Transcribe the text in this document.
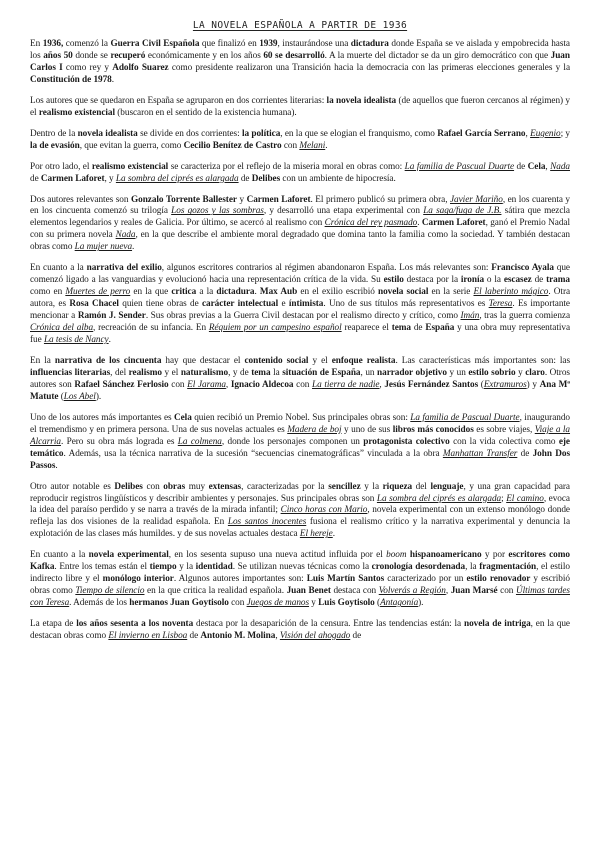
LA NOVELA ESPAÑOLA A PARTIR DE 1936

En 1936, comenzó la Guerra Civil Española que finalizó en 1939, instaurándose una dictadura donde España se ve aislada y empobrecida hasta los años 50 donde se recuperó económicamente y en los años 60 se desarrolló. A la muerte del dictador se da un giro democrático con que Juan Carlos I como rey y Adolfo Suarez como presidente realizaron una Transición hacia la democracia con las primeras elecciones generales y la Constitución de 1978.

Los autores que se quedaron en España se agruparon en dos corrientes literarias: la novela idealista (de aquellos que fueron cercanos al régimen) y el realismo existencial (buscaron en el sentido de la existencia humana).

Dentro de la novela idealista se divide en dos corrientes: la política, en la que se elogian el franquismo, como Rafael García Serrano, Eugenio; y la de evasión, que evitan la guerra, como Cecilio Benítez de Castro con Melani.

Por otro lado, el realismo existencial se caracteriza por el reflejo de la miseria moral en obras como: La familia de Pascual Duarte de Cela, Nada de Carmen Laforet, y La sombra del ciprés es alargada de Delibes con un ambiente de hipocresía.

Dos autores relevantes son Gonzalo Torrente Ballester y Carmen Laforet. El primero publicó su primera obra, Javier Mariño, en los cuarenta y en los cincuenta comenzó su trilogía Los gozos y las sombras, y desarrolló una etapa experimental con La saga/fuga de J.B. sátira que mezcla elementos legendarios y reales de Galicia. Por último, se acercó al realismo con Crónica del rey pasmado. Carmen Laforet, ganó el Premio Nadal con su primera novela Nada, en la que describe el ambiente moral degradado que domina tanto la familia como la sociedad. Y también destacan obras como La mujer nueva.

En cuanto a la narrativa del exilio, algunos escritores contrarios al régimen abandonaron España. Los más relevantes son: Francisco Ayala que comenzó ligado a las vanguardias y evolucionó hacia una representación crítica de la vida. Su estilo destaca por la ironía o la escasez de trama como en Muertes de perro en la que critica a la dictadura. Max Aub en el exilio escribió novela social en la serie El laberinto mágico. Otra autora, es Rosa Chacel quien tiene obras de carácter intelectual e íntimista. Uno de sus títulos más representativos es Teresa. Es importante mencionar a Ramón J. Sender. Sus obras previas a la Guerra Civil destacan por el realismo directo y crítico, como Imán, tras la guerra comienza Crónica del alba, recreación de su infancia. En Réquiem por un campesino español reaparece el tema de España y una obra muy representativa fue La tesis de Nancy.

En la narrativa de los cincuenta hay que destacar el contenido social y el enfoque realista. Las características más importantes son: las influencias literarias, del realismo y el naturalismo, y de tema la situación de España, un narrador objetivo y un estilo sobrio y claro. Otros autores son Rafael Sánchez Ferlosio con El Jarama, Ignacio Aldecoa con La tierra de nadie, Jesús Fernández Santos (Extramuros) y Ana Mª Matute (Los Abel).

Uno de los autores más importantes es Cela quien recibió un Premio Nobel. Sus principales obras son: La familia de Pascual Duarte, inaugurando el tremendismo y en primera persona. Una de sus novelas actuales es Madera de boj y uno de sus libros más conocidos es sobre viajes, Viaje a la Alcarria. Pero su obra más lograda es La colmena, donde los personajes componen un protagonista colectivo con la vida colectiva como eje temático. Además, usa la técnica narrativa de la sucesión “secuencias cinematográficas” vinculada a la obra Manhattan Transfer de John Dos Passos.

Otro autor notable es Delibes con obras muy extensas, caracterizadas por la sencillez y la riqueza del lenguaje, y una gran capacidad para reproducir registros lingüísticos y describir ambientes y personajes. Sus principales obras son La sombra del ciprés es alargada; El camino, evoca la idea del paraíso perdido y se narra a través de la mirada infantil; Cinco horas con Mario, novela experimental con un extenso monólogo donde refleja las dos visiones de la realidad española. En Los santos inocentes fusiona el realismo crítico y la narrativa experimental y denuncia la explotación de las clases más humildes. y de sus novelas actuales destaca El hereje.

En cuanto a la novela experimental, en los sesenta supuso una nueva actitud influida por el boom hispanoamericano y por escritores como Kafka. Entre los temas están el tiempo y la identidad. Se utilizan nuevas técnicas como la cronología desordenada, la fragmentación, el estilo indirecto libre y el monólogo interior. Algunos autores importantes son: Luis Martín Santos caracterizado por un estilo renovador y escribió obras como Tiempo de silencio en la que critica la realidad española. Juan Benet destaca con Volverás a Región, Juan Marsé con Últimas tardes con Teresa. Además de los hermanos Juan Goytisolo con Juegos de manos y Luis Goytisolo (Antagonía).

La etapa de los años sesenta a los noventa destaca por la desaparición de la censura. Entre las tendencias están: la novela de intriga, en la que destacan obras como El invierno en Lisboa de Antonio M. Molina, Visión del ahogado de
